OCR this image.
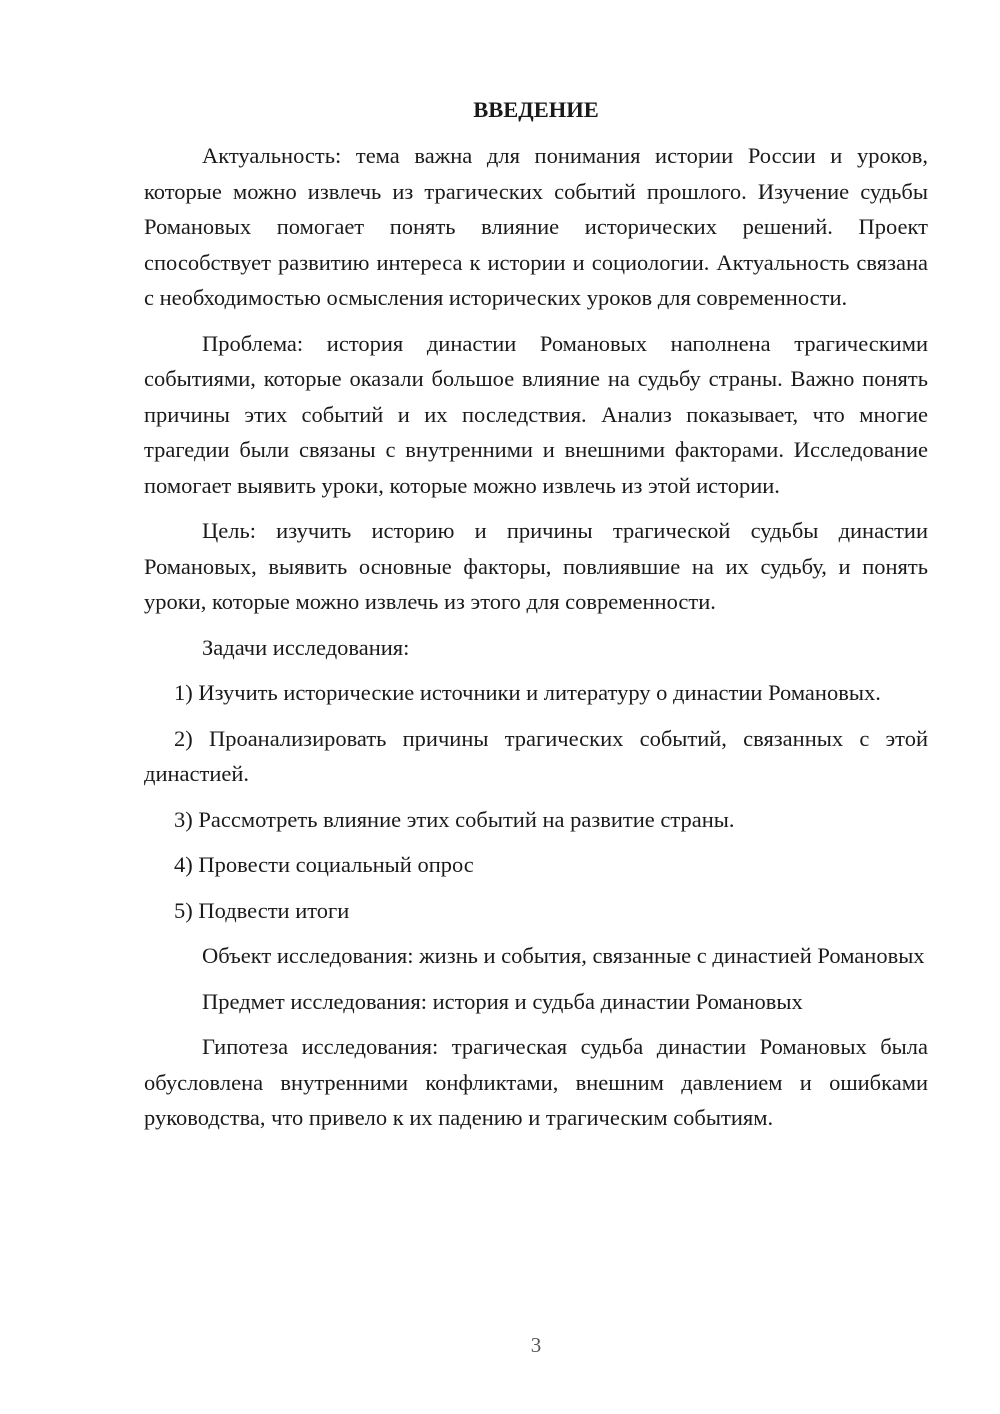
ВВЕДЕНИЕ

Актуальность: тема важна для понимания истории России и уроков, которые можно извлечь из трагических событий прошлого. Изучение судьбы Романовых помогает понять влияние исторических решений. Проект способствует развитию интереса к истории и социологии. Актуальность связана с необходимостью осмысления исторических уроков для современности.

Проблема: история династии Романовых наполнена трагическими событиями, которые оказали большое влияние на судьбу страны. Важно понять причины этих событий и их последствия. Анализ показывает, что многие трагедии были связаны с внутренними и внешними факторами. Исследование помогает выявить уроки, которые можно извлечь из этой истории.

Цель: изучить историю и причины трагической судьбы династии Романовых, выявить основные факторы, повлиявшие на их судьбу, и понять уроки, которые можно извлечь из этого для современности.

Задачи исследования:

1) Изучить исторические источники и литературу о династии Романовых.

2) Проанализировать причины трагических событий, связанных с этой династией.

3) Рассмотреть влияние этих событий на развитие страны.

4) Провести социальный опрос

5) Подвести итоги

Объект исследования: жизнь и события, связанные с династией Романовых

Предмет исследования: история и судьба династии Романовых

Гипотеза исследования: трагическая судьба династии Романовых была обусловлена внутренними конфликтами, внешним давлением и ошибками руководства, что привело к их падению и трагическим событиям.

3
